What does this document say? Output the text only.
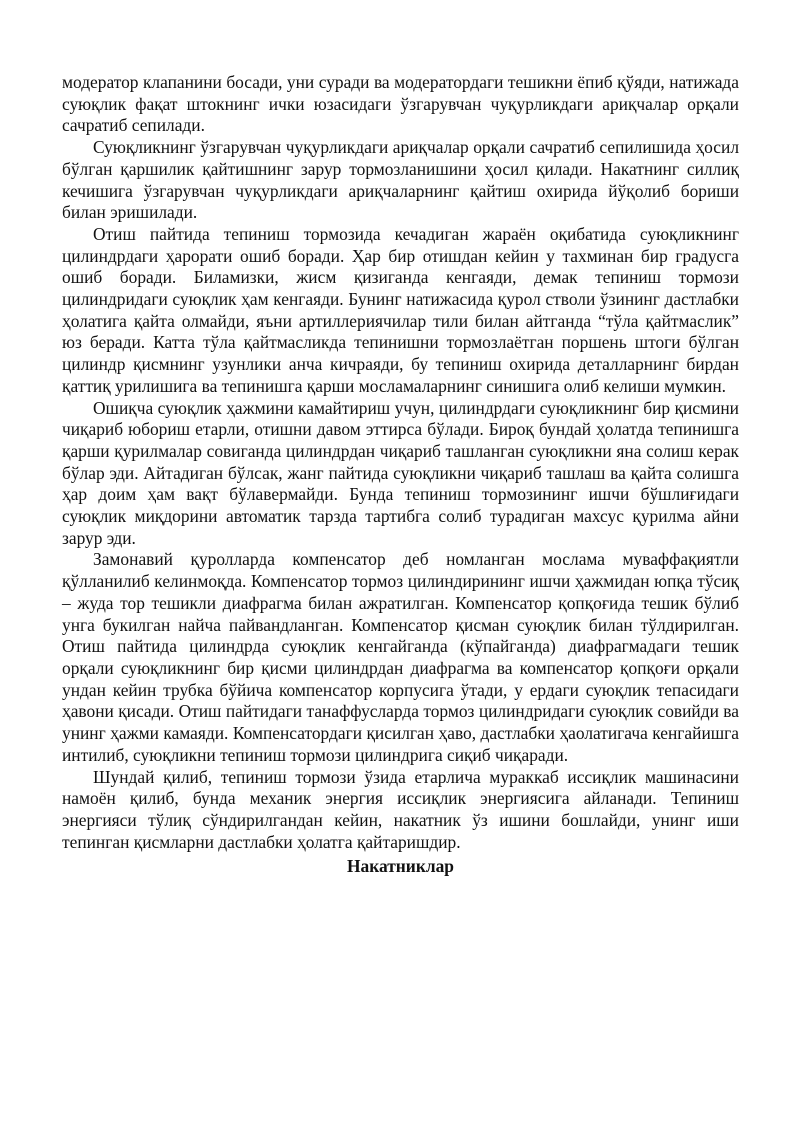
модератор клапанини босади, уни суради ва модератордаги тешикни ёпиб қўяди, натижада суюқлик фақат штокнинг ички юзасидаги ўзгарувчан чуқурликдаги ариқчалар орқали сачратиб сепилади.

Суюқликнинг ўзгарувчан чуқурликдаги ариқчалар орқали сачратиб сепилишида ҳосил бўлган қаршилик қайтишнинг зарур тормозланишини ҳосил қилади. Накатнинг силлиқ кечишига ўзгарувчан чуқурликдаги ариқчаларнинг қайтиш охирида йўқолиб бориши билан эришилади.

Отиш пайтида тепиниш тормозида кечадиган жараён оқибатида суюқликнинг цилиндрдаги ҳарорати ошиб боради. Ҳар бир отишдан кейин у тахминан бир градусга ошиб боради. Биламизки, жисм қизиганда кенгаяди, демак тепиниш тормози цилиндридаги суюқлик ҳам кенгаяди. Бунинг натижасида қурол стволи ўзининг дастлабки ҳолатига қайта олмайди, яъни артиллериячилар тили билан айтганда “тўла қайтмаслик” юз беради. Катта тўла қайтмасликда тепинишни тормозлаётган поршень штоги бўлган цилиндр қисмнинг узунлики анча кичраяди, бу тепиниш охирида деталларнинг бирдан қаттиқ урилишига ва тепинишга қарши мосламаларнинг синишига олиб келиши мумкин.

Ошиқча суюқлик ҳажмини камайтириш учун, цилиндрдаги суюқликнинг бир қисмини чиқариб юбориш етарли, отишни давом эттирса бўлади. Бироқ бундай ҳолатда тепинишга қарши қурилмалар совиганда цилиндрдан чиқариб ташланган суюқликни яна солиш керак бўлар эди. Айтадиган бўлсак, жанг пайтида суюқликни чиқариб ташлаш ва қайта солишга ҳар доим ҳам вақт бўлавермайди. Бунда тепиниш тормозининг ишчи бўшлиғидаги суюқлик миқдорини автоматик тарзда тартибга солиб турадиган махсус қурилма айни зарур эди.

Замонавий қуролларда компенсатор деб номланган мослама муваффақиятли қўлланилиб келинмоқда. Компенсатор тормоз цилиндирининг ишчи ҳажмидан юпқа тўсиқ – жуда тор тешикли диафрагма билан ажратилган. Компенсатор қопқоғида тешик бўлиб унга букилган найча пайвандланган. Компенсатор қисман суюқлик билан тўлдирилган. Отиш пайтида цилиндрда суюқлик кенгайганда (кўпайганда) диафрагмадаги тешик орқали суюқликнинг бир қисми цилиндрдан диафрагма ва компенсатор қопқоғи орқали ундан кейин трубка бўйича компенсатор корпусига ўтади, у ердаги суюқлик тепасидаги ҳавони қисади. Отиш пайтидаги танаффусларда тормоз цилиндридаги суюқлик совийди ва унинг ҳажми камаяди. Компенсатордаги қисилган ҳаво, дастлабки ҳаолатигача кенгайишга интилиб, суюқликни тепиниш тормози цилиндрига сиқиб чиқаради.

Шундай қилиб, тепиниш тормози ўзида етарлича мураккаб иссиқлик машинасини намоён қилиб, бунда механик энергия иссиқлик энергиясига айланади. Тепиниш энергияси тўлиқ сўндирилгандан кейин, накатник ўз ишини бошлайди, унинг иши тепинган қисмларни дастлабки ҳолатга қайтаришдир.

Накатниклар
